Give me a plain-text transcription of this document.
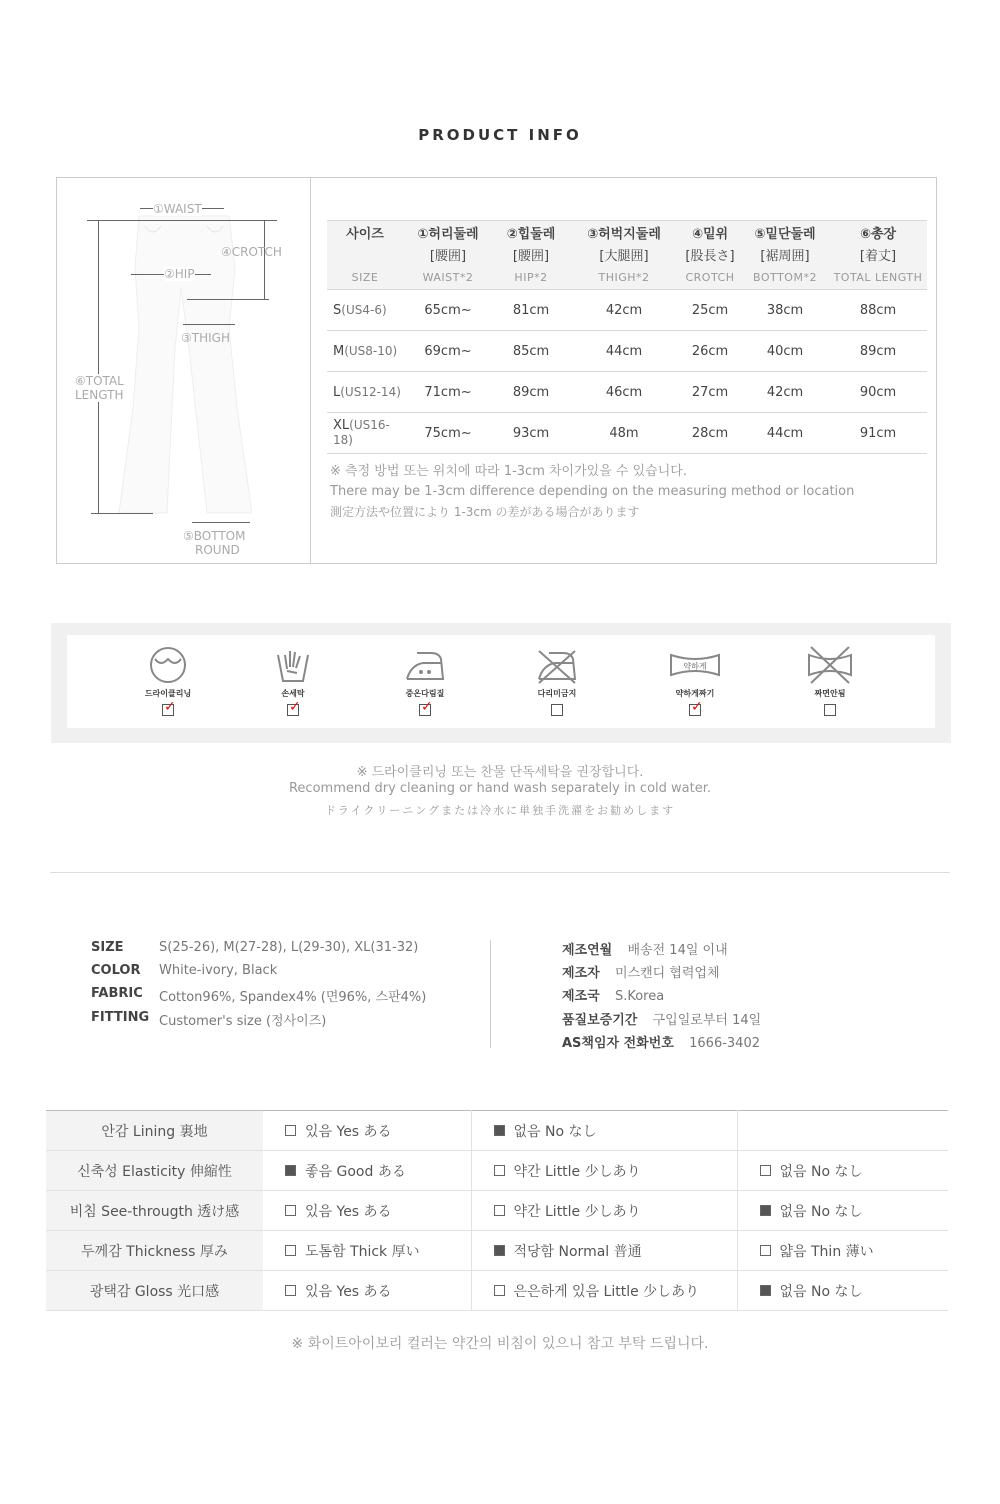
PRODUCT INFO
①WAIST
④CROTCH
②HIP
③THIGH
⑥TOTAL
LENGTH
⑤BOTTOM
ROUND
사이즈	①허리둘레	②힙둘레	③허벅지둘레	④밑위	⑤밑단둘레	⑥총장
	[腰囲]	[腰囲]	[大腿囲]	[股長さ]	[裾周囲]	[着丈]
SIZE	WAIST*2	HIP*2	THIGH*2	CROTCH	BOTTOM*2	TOTAL LENGTH
S(US4-6)	65cm~	81cm	42cm	25cm	38cm	88cm
M(US8-10)	69cm~	85cm	44cm	26cm	40cm	89cm
L(US12-14)	71cm~	89cm	46cm	27cm	42cm	90cm
XL(US16-18)	75cm~	93cm	48m	28cm	44cm	91cm
※ 측정 방법 또는 위치에 따라 1-3cm 차이가있을 수 있습니다.
There may be 1-3cm difference depending on the measuring method or location
測定方法や位置により 1-3cm の差がある場合があります
드라이클리닝
✓
손세탁
✓
중온다림질
✓
다리미금지
약하게
약하게짜기
✓
짜면안됨
※ 드라이클리닝 또는 찬물 단독세탁을 권장합니다.
Recommend dry cleaning or hand wash separately in cold water.
ドライクリーニングまたは冷水に単独手洗濯をお勧めします
SIZE	S(25-26), M(27-28), L(29-30), XL(31-32)
COLOR White-ivory, Black
FABRIC Cotton96%, Spandex4% (면96%, 스판4%)
FITTING Customer's size (정사이즈)
제조연월 배송전 14일 이내
제조자 미스캔디 협력업체
제조국 S.Korea
품질보증기간 구입일로부터 14일
AS책임자 전화번호 1666-3402
안감 Lining 裏地	있음 Yes ある	없음 No なし	
신축성 Elasticity 伸縮性	좋음 Good ある	약간 Little 少しあり	없음 No なし
비침 See-througth 透け感	있음 Yes ある	약간 Little 少しあり	없음 No なし
두께감 Thickness 厚み	도톰함 Thick 厚い	적당함 Normal 普通	얇음 Thin 薄い
광택감 Gloss 光口感	있음 Yes ある	은은하게 있음 Little 少しあり	없음 No なし
※ 화이트아이보리 컬러는 약간의 비침이 있으니 참고 부탁 드립니다.
